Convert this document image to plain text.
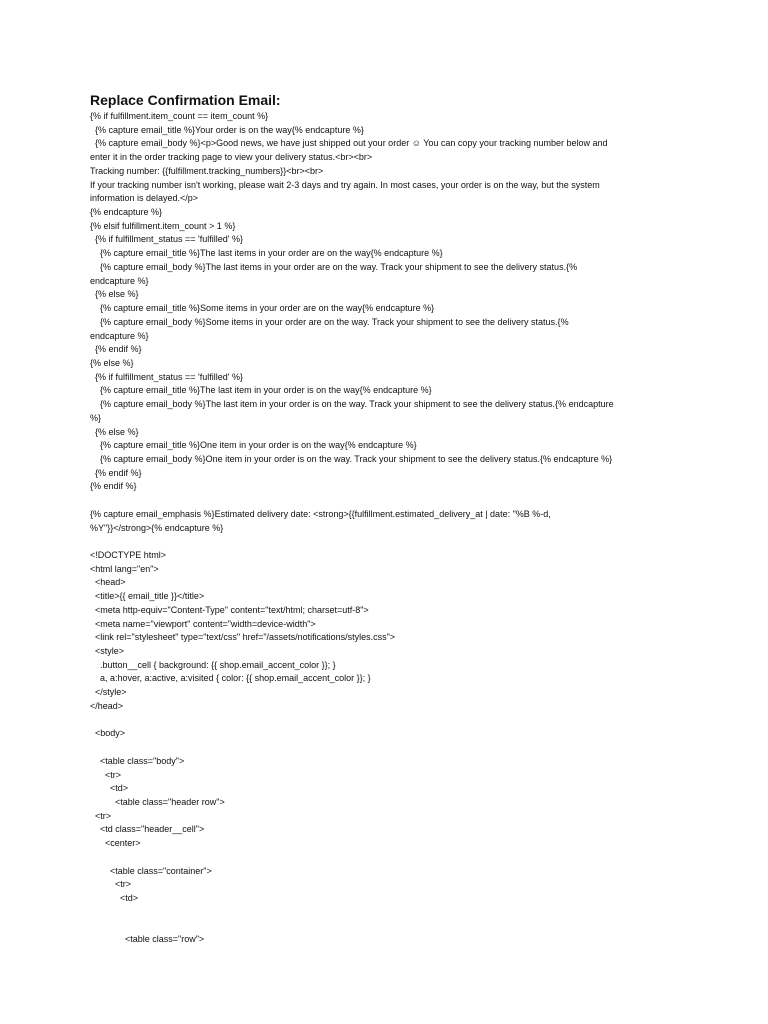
Replace Confirmation Email:
{% if fulfillment.item_count == item_count %}
{% capture email_title %}Your order is on the way{% endcapture %}
{% capture email_body %}<p>Good news, we have just shipped out your order ☺ You can copy your tracking number below and
enter it in the order tracking page to view your delivery status.<br><br>
Tracking number: {{fulfillment.tracking_numbers}}<br><br>
If your tracking number isn't working, please wait 2-3 days and try again. In most cases, your order is on the way, but the system
information is delayed.</p>
{% endcapture %}
{% elsif fulfillment.item_count > 1 %}
{% if fulfillment_status == 'fulfilled' %}
{% capture email_title %}The last items in your order are on the way{% endcapture %}
{% capture email_body %}The last items in your order are on the way. Track your shipment to see the delivery status.{%
endcapture %}
{% else %}
{% capture email_title %}Some items in your order are on the way{% endcapture %}
{% capture email_body %}Some items in your order are on the way. Track your shipment to see the delivery status.{%
endcapture %}
{% endif %}
{% else %}
{% if fulfillment_status == 'fulfilled' %}
{% capture email_title %}The last item in your order is on the way{% endcapture %}
{% capture email_body %}The last item in your order is on the way. Track your shipment to see the delivery status.{% endcapture
%}
{% else %}
{% capture email_title %}One item in your order is on the way{% endcapture %}
{% capture email_body %}One item in your order is on the way. Track your shipment to see the delivery status.{% endcapture %}
{% endif %}
{% endif %}
{% capture email_emphasis %}Estimated delivery date: <strong>{{fulfillment.estimated_delivery_at | date: "%B %-d,
%Y"}}</strong>{% endcapture %}
<!DOCTYPE html>
<html lang="en">
<head>
<title>{{ email_title }}</title>
<meta http-equiv="Content-Type" content="text/html; charset=utf-8">
<meta name="viewport" content="width=device-width">
<link rel="stylesheet" type="text/css" href="/assets/notifications/styles.css">
<style>
.button__cell { background: {{ shop.email_accent_color }}; }
a, a:hover, a:active, a:visited { color: {{ shop.email_accent_color }}; }
</style>
</head>
<body>
<table class="body">
<tr>
<td>
<table class="header row">
<tr>
<td class="header__cell">
<center>
<table class="container">
<tr>
<td>
<table class="row">
